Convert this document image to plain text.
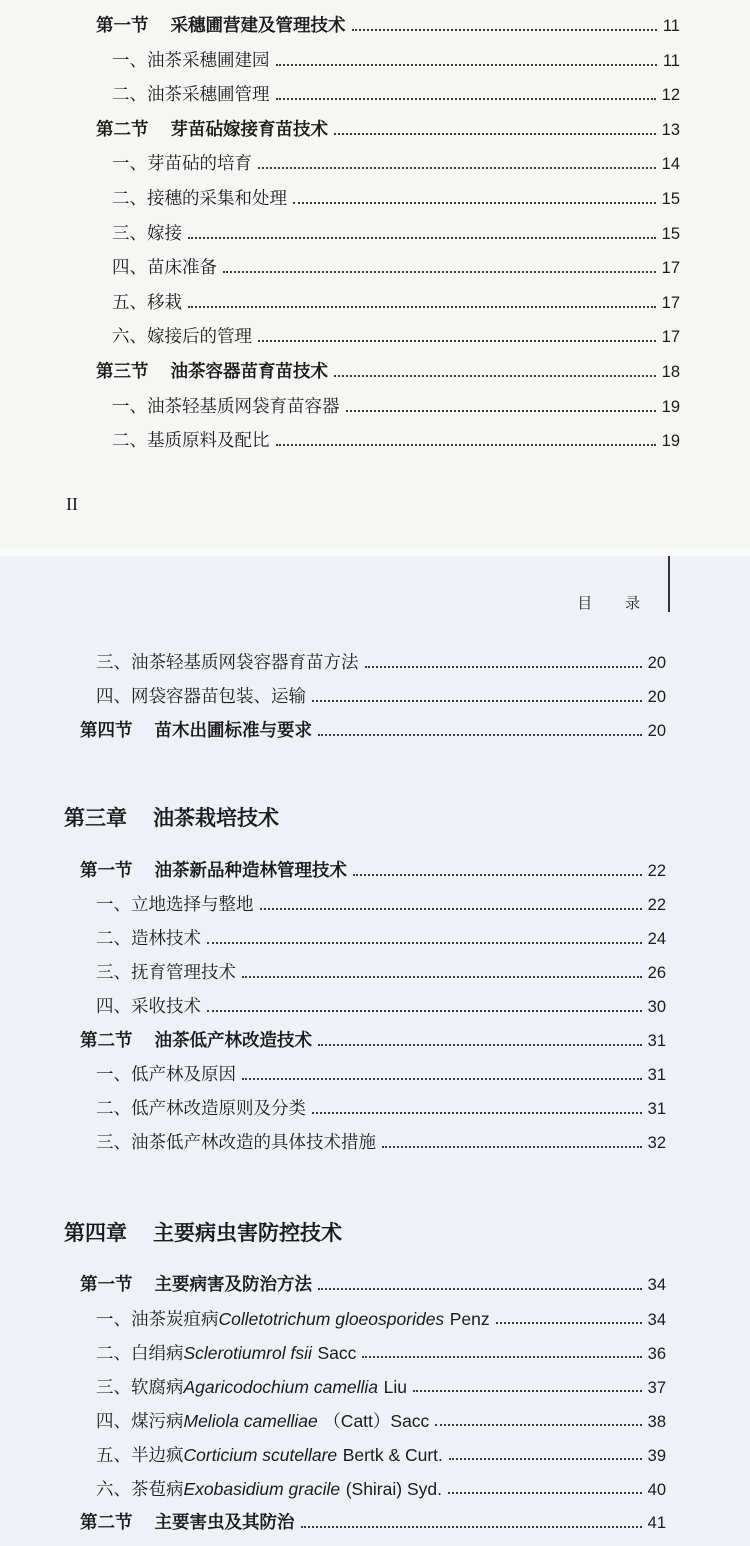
第一节 采穗圃营建及管理技术	11
一、油茶采穗圃建园	11
二、油茶采穗圃管理	12
第二节 芽苗砧嫁接育苗技术	13
一、芽苗砧的培育	14
二、接穗的采集和处理	15
三、嫁接	15
四、苗床准备	17
五、移栽	17
六、嫁接后的管理	17
第三节 油茶容器苗育苗技术	18
一、油茶轻基质网袋育苗容器	19
二、基质原料及配比	19
II
目 录
三、油茶轻基质网袋容器育苗方法	20
四、网袋容器苗包装、运输	20
第四节 苗木出圃标准与要求	20
第三章 油茶栽培技术
第一节 油茶新品种造林管理技术	22
一、立地选择与整地	22
二、造林技术	24
三、抚育管理技术	26
四、采收技术	30
第二节 油茶低产林改造技术	31
一、低产林及原因	31
二、低产林改造原则及分类	31
三、油茶低产林改造的具体技术措施	32
第四章 主要病虫害防控技术
第一节 主要病害及防治方法	34
一、油茶炭疽病Colletotrichum gloeosporides Penz	34
二、白绢病Sclerotiumrol fsii Sacc	36
三、软腐病Agaricodochium camellia Liu	37
四、煤污病Meliola camelliae （Catt）Sacc	38
五、半边疯Corticium scutellare Bertk & Curt.	39
六、茶苞病Exobasidium gracile (Shirai) Syd.	40
第二节 主要害虫及其防治	41
